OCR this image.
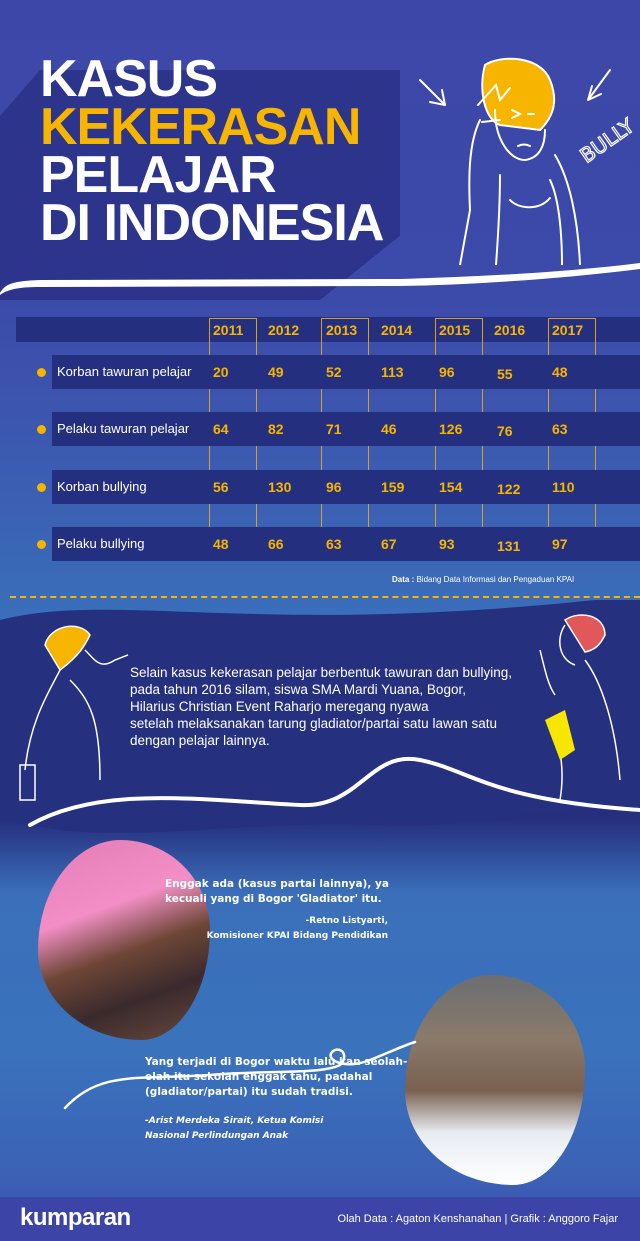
KASUS
KEKERASAN
PELAJAR
DI INDONESIA
BULLY
2011 2012 2013 2014 2015 2016 2017
Korban tawuran pelajar 20	49	52	113	96	55	48
Pelaku tawuran pelajar 64	82	71	46	126 76	63
Korban bullying	56	130 96	159 154 122 110
Pelaku bullying	48	66	63	67	93	131 97
Data : Bidang Data Informasi dan Pengaduan KPAI
Selain kasus kekerasan pelajar berbentuk tawuran dan bullying,
pada tahun 2016 silam, siswa SMA Mardi Yuana, Bogor,
Hilarius Christian Event Raharjo meregang nyawa
setelah melaksanakan tarung gladiator/partai satu lawan satu
dengan pelajar lainnya.
Enggak ada (kasus partai lainnya), ya
kecuali yang di Bogor 'Gladiator' itu.
-Retno Listyarti,
Komisioner KPAI Bidang Pendidikan
Yang terjadi di Bogor waktu lalu kan seolah-
olah itu sekolah enggak tahu, padahal
(gladiator/partai) itu sudah tradisi.
-Arist Merdeka Sirait, Ketua Komisi
Nasional Perlindungan Anak
kumparan	Olah Data : Agaton Kenshanahan | Grafik : Anggoro Fajar
